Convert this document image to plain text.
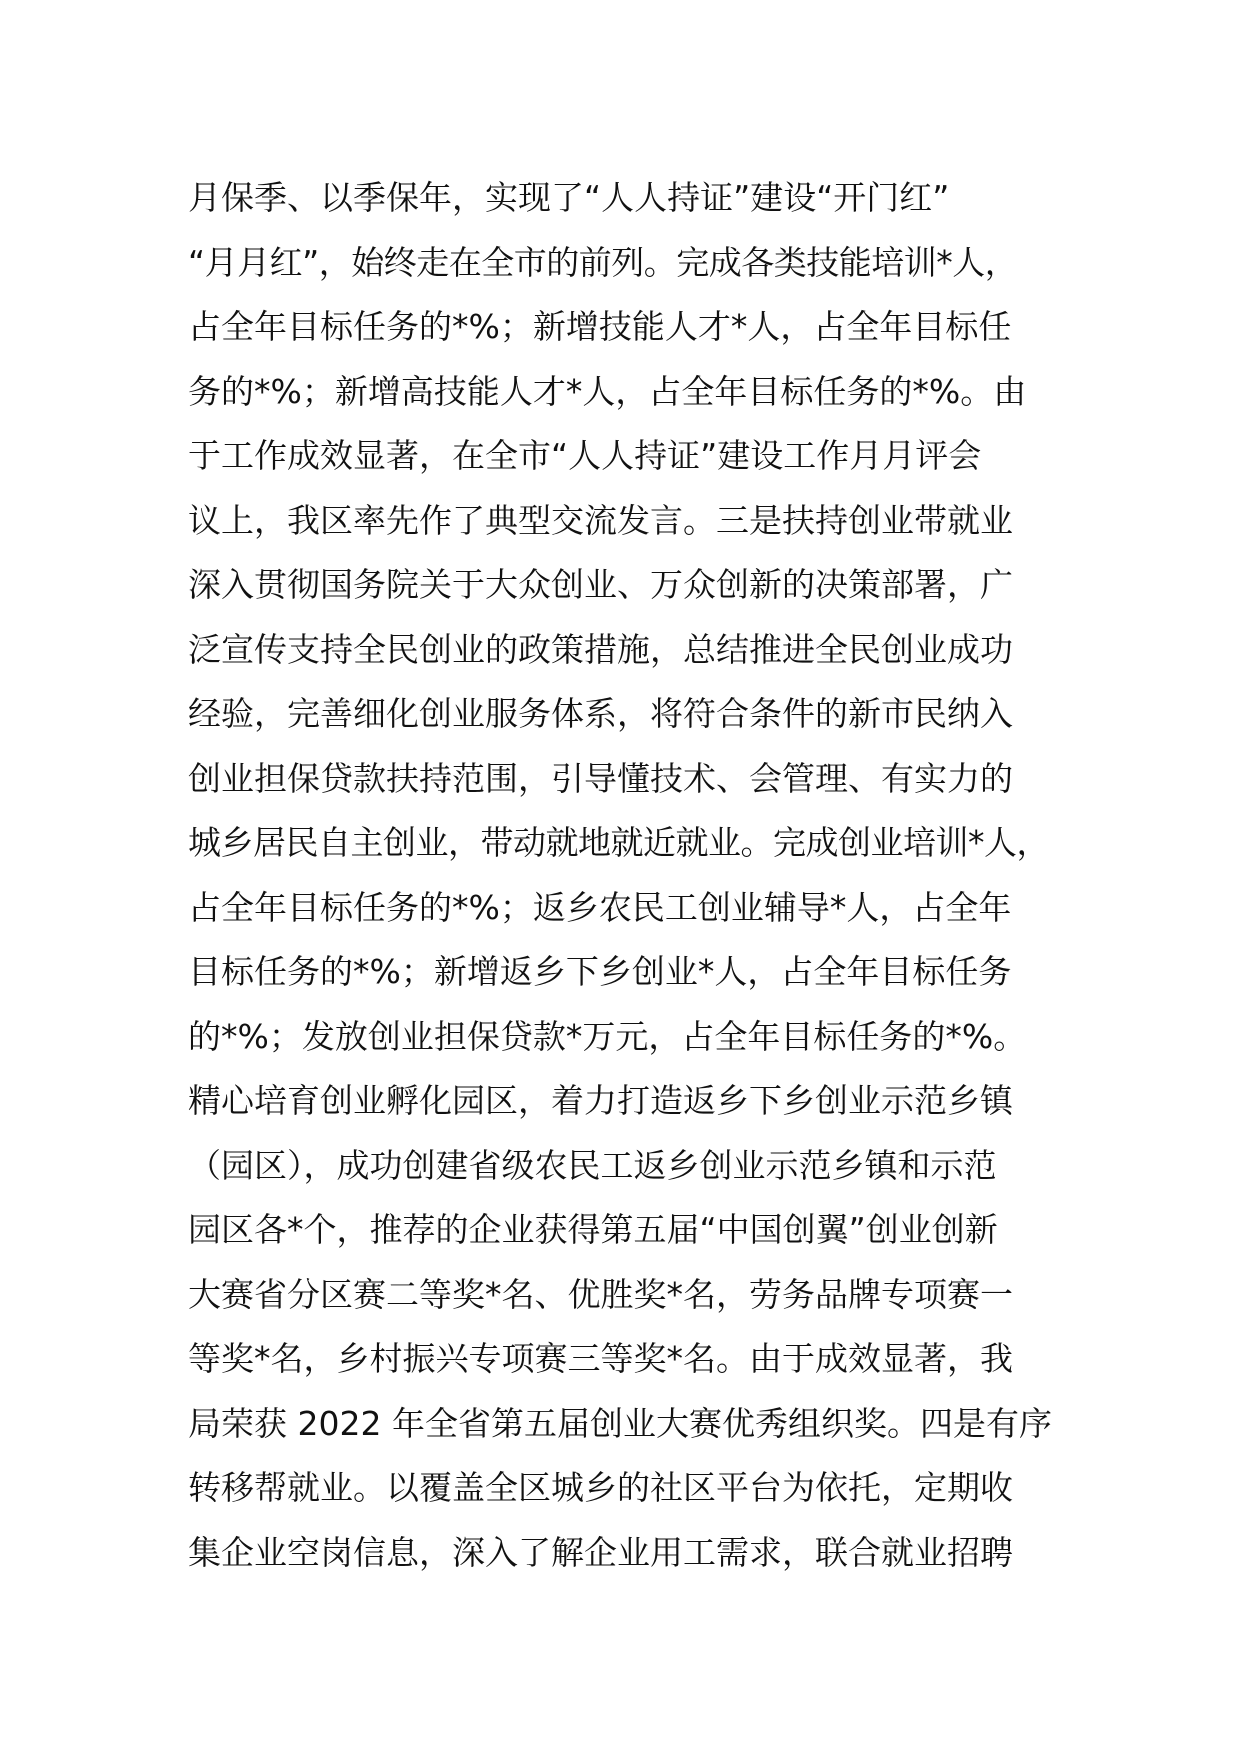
月保季、以季保年，实现了“人人持证”建设“开门红”
“月月红”，始终走在全市的前列。完成各类技能培训*人，
占全年目标任务的*%；新增技能人才*人，占全年目标任
务的*%；新增高技能人才*人，占全年目标任务的*%。由
于工作成效显著，在全市“人人持证”建设工作月月评会
议上，我区率先作了典型交流发言。三是扶持创业带就业
深入贯彻国务院关于大众创业、万众创新的决策部署，广
泛宣传支持全民创业的政策措施，总结推进全民创业成功
经验，完善细化创业服务体系，将符合条件的新市民纳入
创业担保贷款扶持范围，引导懂技术、会管理、有实力的
城乡居民自主创业，带动就地就近就业。完成创业培训*人，
占全年目标任务的*%；返乡农民工创业辅导*人，占全年
目标任务的*%；新增返乡下乡创业*人，占全年目标任务
的*%；发放创业担保贷款*万元，占全年目标任务的*%。
精心培育创业孵化园区，着力打造返乡下乡创业示范乡镇
（园区），成功创建省级农民工返乡创业示范乡镇和示范
园区各*个，推荐的企业获得第五届“中国创翼”创业创新
大赛省分区赛二等奖*名、优胜奖*名，劳务品牌专项赛一
等奖*名，乡村振兴专项赛三等奖*名。由于成效显著，我
局荣获 2022 年全省第五届创业大赛优秀组织奖。四是有序
转移帮就业。以覆盖全区城乡的社区平台为依托，定期收
集企业空岗信息，深入了解企业用工需求，联合就业招聘
